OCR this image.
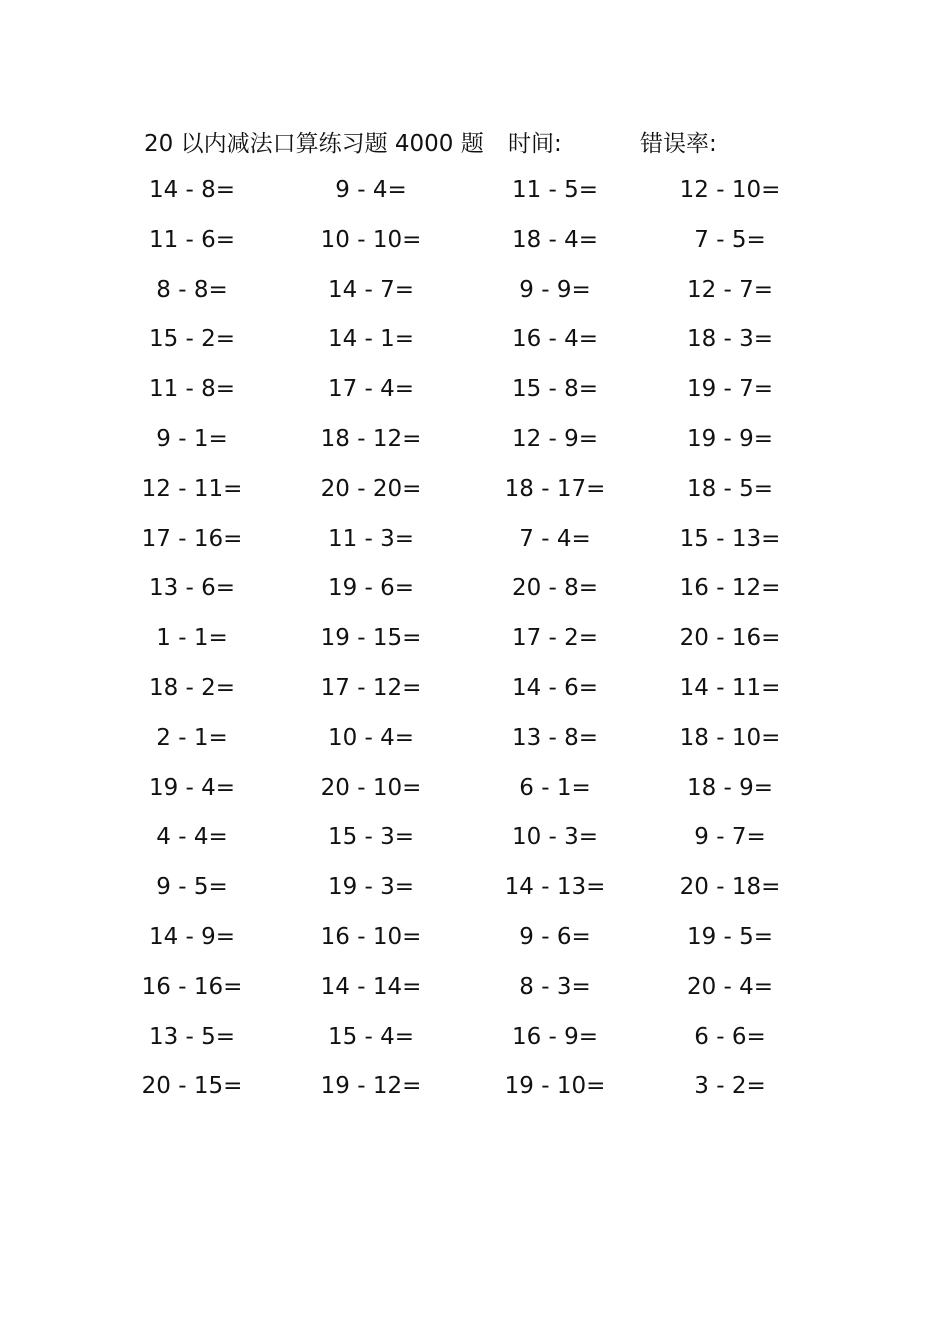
20 以内减法口算练习题 4000 题 时间:	错误率:
14 - 8=	9 - 4=	11 - 5=	12 - 10=
11 - 6=	10 - 10=	18 - 4=	7 - 5=
8 - 8=	14 - 7=	9 - 9=	12 - 7=
15 - 2=	14 - 1=	16 - 4=	18 - 3=
11 - 8=	17 - 4=	15 - 8=	19 - 7=
9 - 1=	18 - 12=	12 - 9=	19 - 9=
12 - 11=	20 - 20=	18 - 17=	18 - 5=
17 - 16=	11 - 3=	7 - 4=	15 - 13=
13 - 6=	19 - 6=	20 - 8=	16 - 12=
1 - 1=	19 - 15=	17 - 2=	20 - 16=
18 - 2=	17 - 12=	14 - 6=	14 - 11=
2 - 1=	10 - 4=	13 - 8=	18 - 10=
19 - 4=	20 - 10=	6 - 1=	18 - 9=
4 - 4=	15 - 3=	10 - 3=	9 - 7=
9 - 5=	19 - 3=	14 - 13=	20 - 18=
14 - 9=	16 - 10=	9 - 6=	19 - 5=
16 - 16=	14 - 14=	8 - 3=	20 - 4=
13 - 5=	15 - 4=	16 - 9=	6 - 6=
20 - 15=	19 - 12=	19 - 10=	3 - 2=
